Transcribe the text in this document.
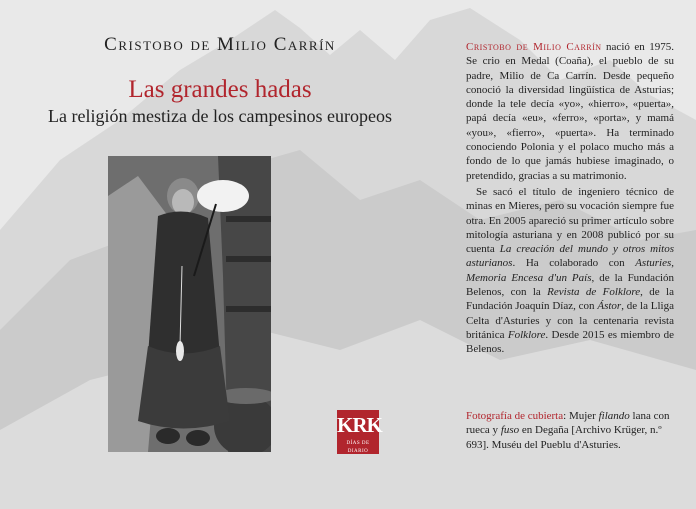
Cristobo de Milio Carrín
Las grandes hadas
La religión mestiza de los campesinos europeos
KRK
DÍAS DE DIARIO

Cristobo de Milio Carrín nació en 1975. Se crio en Medal (Coaña), el pueblo de su padre, Milio de Ca Carrín. Desde pequeño conoció la diversidad lingüística de Asturias; donde la tele decía «yo», «hierro», «puerta», papá decía «eu», «ferro», «porta», y mamá «you», «fierro», «puerta». Ha terminado conociendo Polonia y el polaco mucho más a fondo de lo que jamás hubiese imaginado, o pretendido, gracias a su matrimonio.

Se sacó el título de ingeniero técnico de minas en Mieres, pero su vocación siempre fue otra. En 2005 apareció su primer artículo sobre mitología asturiana y en 2008 publicó por su cuenta La creación del mundo y otros mitos asturianos. Ha colaborado con Asturies, Memoria Encesa d'un País, de la Fundación Belenos, con la Revista de Folklore, de la Fundación Joaquín Díaz, con Ástor, de la Lliga Celta d'Asturies y con la centenaria revista británica Folklore. Desde 2015 es miembro de Belenos.

Fotografía de cubierta: Mujer filando lana con rueca y fuso en Degaña [Archivo Krüger, n.º 693]. Muséu del Pueblu d'Asturies.
